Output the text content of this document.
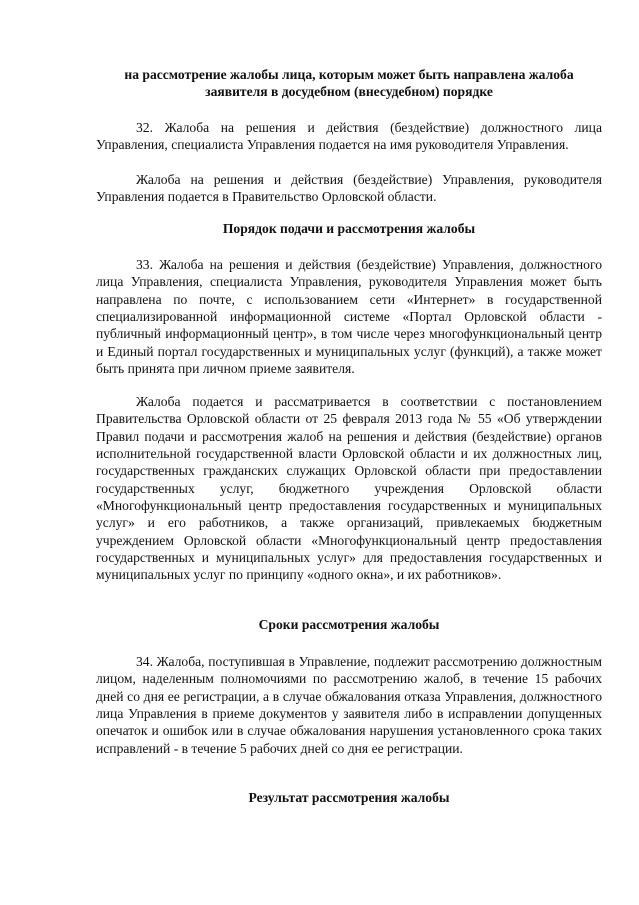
на рассмотрение жалобы лица, которым может быть направлена жалоба заявителя в досудебном (внесудебном) порядке

32. Жалоба на решения и действия (бездействие) должностного лица Управления, специалиста Управления подается на имя руководителя Управления.

Жалоба на решения и действия (бездействие) Управления, руководителя Управления подается в Правительство Орловской области.

Порядок подачи и рассмотрения жалобы

33. Жалоба на решения и действия (бездействие) Управления, должностного лица Управления, специалиста Управления, руководителя Управления может быть направлена по почте, с использованием сети «Интернет» в государственной специализированной информационной системе «Портал Орловской области - публичный информационный центр», в том числе через многофункциональный центр и Единый портал государственных и муниципальных услуг (функций), а также может быть принята при личном приеме заявителя.

Жалоба подается и рассматривается в соответствии с постановлением Правительства Орловской области от 25 февраля 2013 года № 55 «Об утверждении Правил подачи и рассмотрения жалоб на решения и действия (бездействие) органов исполнительной государственной власти Орловской области и их должностных лиц, государственных гражданских служащих Орловской области при предоставлении государственных услуг, бюджетного учреждения Орловской области «Многофункциональный центр предоставления государственных и муниципальных услуг» и его работников, а также организаций, привлекаемых бюджетным учреждением Орловской области «Многофункциональный центр предоставления государственных и муниципальных услуг» для предоставления государственных и муниципальных услуг по принципу «одного окна», и их работников».

Сроки рассмотрения жалобы

34. Жалоба, поступившая в Управление, подлежит рассмотрению должностным лицом, наделенным полномочиями по рассмотрению жалоб, в течение 15 рабочих дней со дня ее регистрации, а в случае обжалования отказа Управления, должностного лица Управления в приеме документов у заявителя либо в исправлении допущенных опечаток и ошибок или в случае обжалования нарушения установленного срока таких исправлений - в течение 5 рабочих дней со дня ее регистрации.

Результат рассмотрения жалобы
